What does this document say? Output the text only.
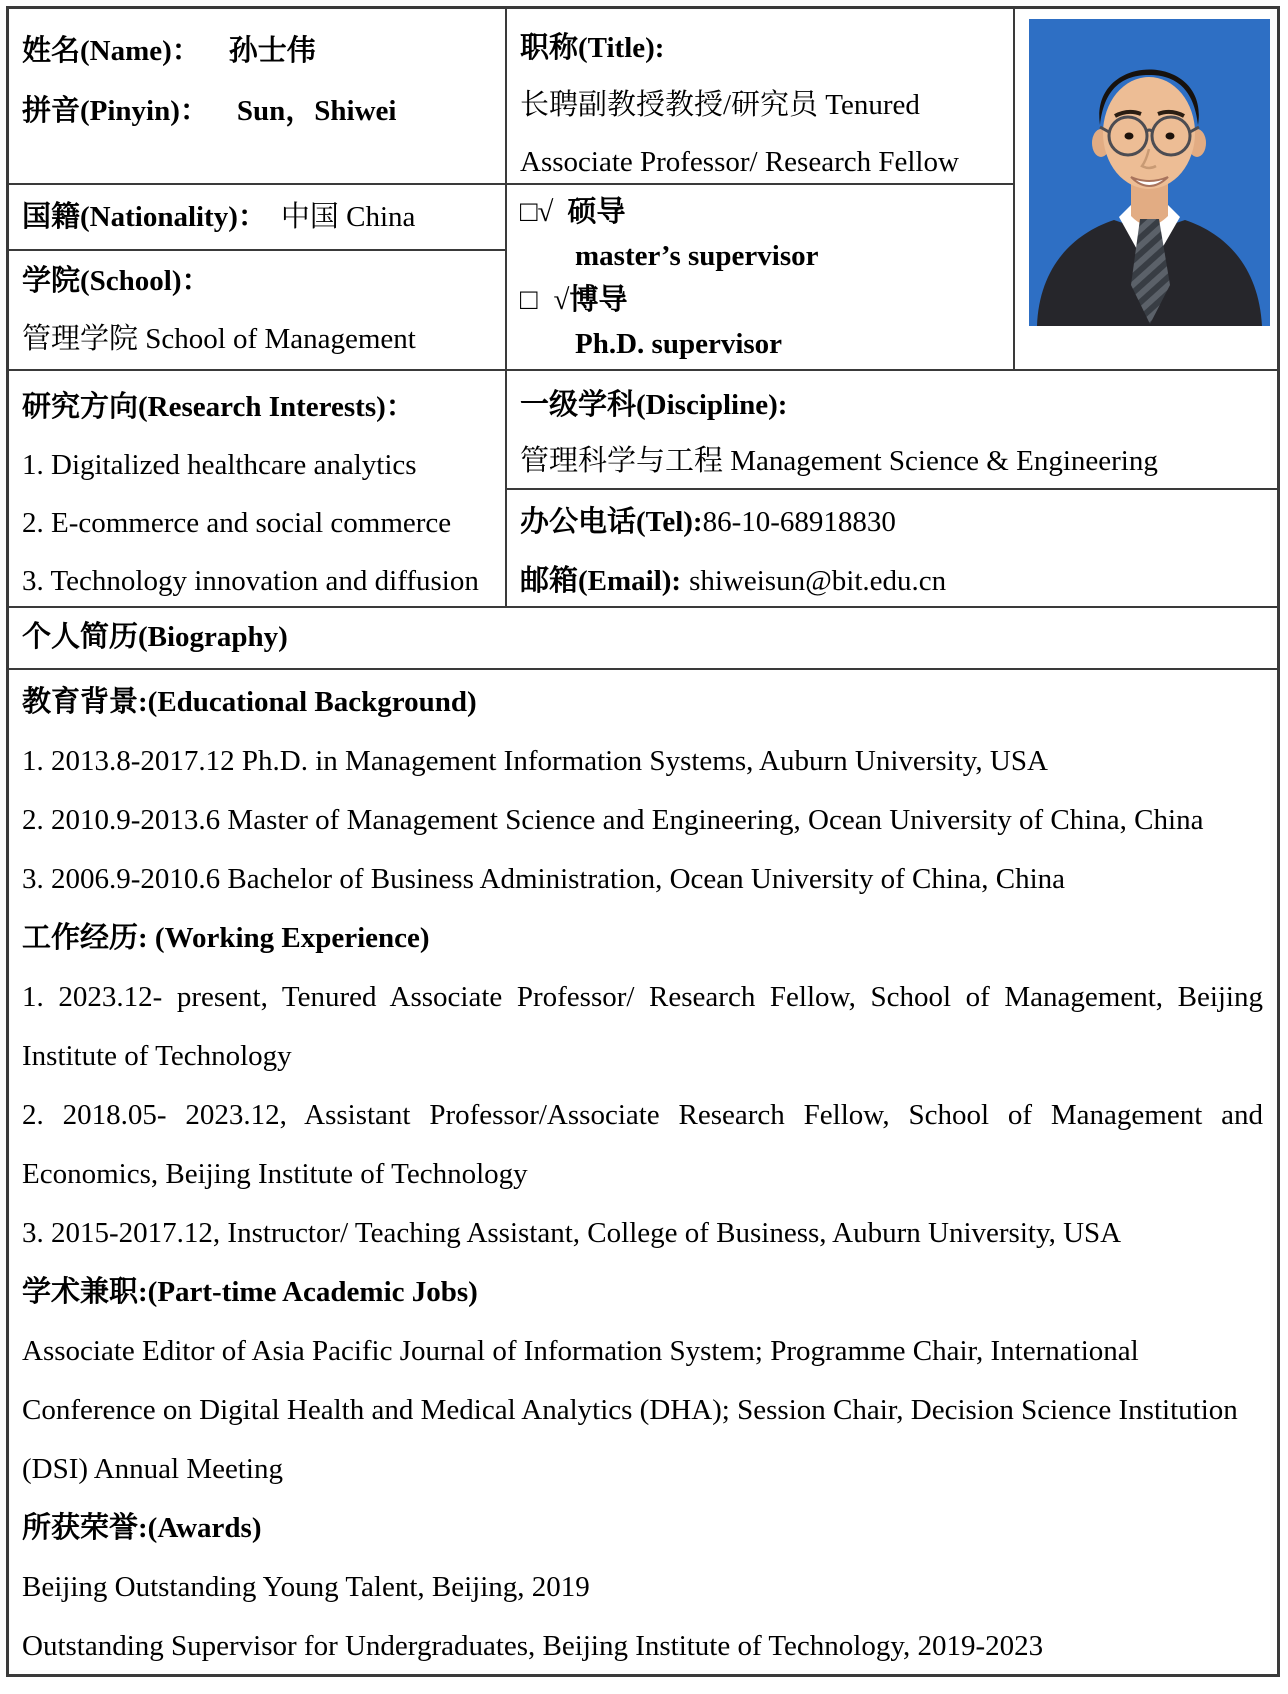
姓名(Name)： 孙士伟
拼音(Pinyin)： Sun，Shiwei
职称(Title):
长聘副教授教授/研究员 Tenured
Associate Professor/ Research Fellow
国籍(Nationality)： 中国 China	□√ 硕导
master’s supervisor
□ √博导
Ph.D. supervisor
学院(School)：
管理学院 School of Management
研究方向(Research Interests)：
1. Digitalized healthcare analytics
2. E-commerce and social commerce
3. Technology innovation and diffusion
一级学科(Discipline):
管理科学与工程 Management Science & Engineering
办公电话(Tel):86-10-68918830
邮箱(Email): shiweisun@bit.edu.cn
个人简历(Biography)

教育背景:(Educational Background)

1. 2013.8-2017.12 Ph.D. in Management Information Systems, Auburn University, USA

2. 2010.9-2013.6 Master of Management Science and Engineering, Ocean University of China, China

3. 2006.9-2010.6 Bachelor of Business Administration, Ocean University of China, China

工作经历: (Working Experience)

1. 2023.12- present, Tenured Associate Professor/ Research Fellow, School of Management, Beijing Institute of Technology

2. 2018.05- 2023.12, Assistant Professor/Associate Research Fellow, School of Management and Economics, Beijing Institute of Technology

3. 2015-2017.12, Instructor/ Teaching Assistant, College of Business, Auburn University, USA

学术兼职:(Part-time Academic Jobs)

Associate Editor of Asia Pacific Journal of Information System; Programme Chair, International Conference on Digital Health and Medical Analytics (DHA); Session Chair, Decision Science Institution (DSI) Annual Meeting

所获荣誉:(Awards)

Beijing Outstanding Young Talent, Beijing, 2019

Outstanding Supervisor for Undergraduates, Beijing Institute of Technology, 2019-2023
